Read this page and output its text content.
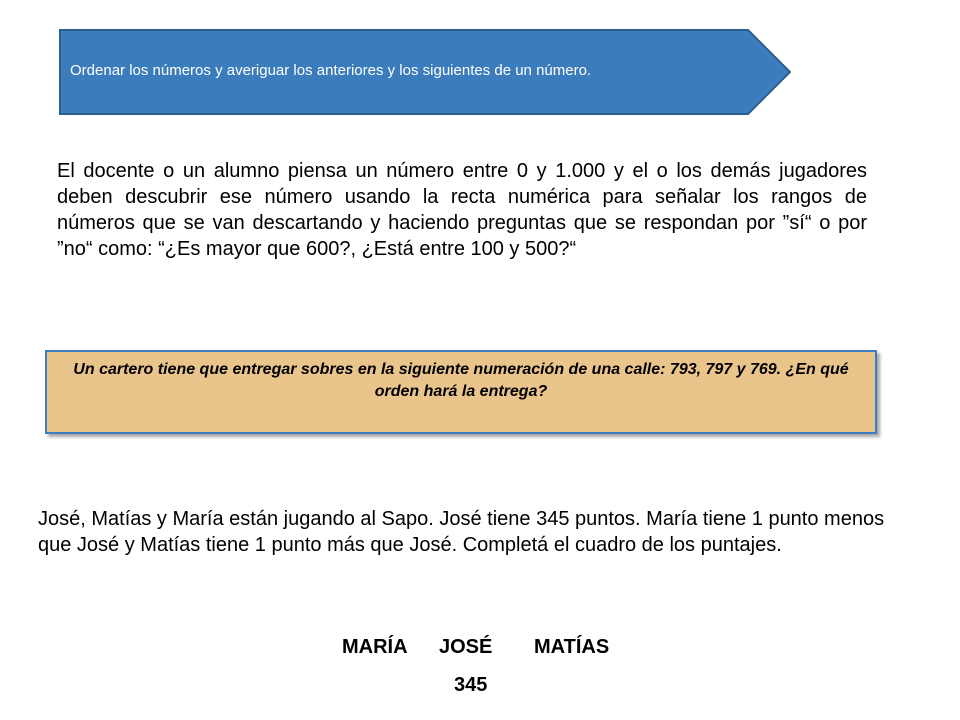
Ordenar los números y averiguar los anteriores y los siguientes de un número.
El docente o un alumno piensa un número entre 0 y 1.000 y el o los demás jugadores deben descubrir ese número usando la recta numérica para señalar los rangos de números que se van descartando y haciendo preguntas que se respondan por ”sí“ o por ”no“ como: “¿Es mayor que 600?, ¿Está entre 100 y 500?“
Un cartero tiene que entregar sobres en la siguiente numeración de una calle: 793, 797 y 769. ¿En qué orden hará la entrega?
José, Matías y María están jugando al Sapo. José tiene 345 puntos. María tiene 1 punto menos que José y Matías tiene 1 punto más que José. Completá el cuadro de los puntajes.
MARÍA JOSÉ MATÍAS
345
